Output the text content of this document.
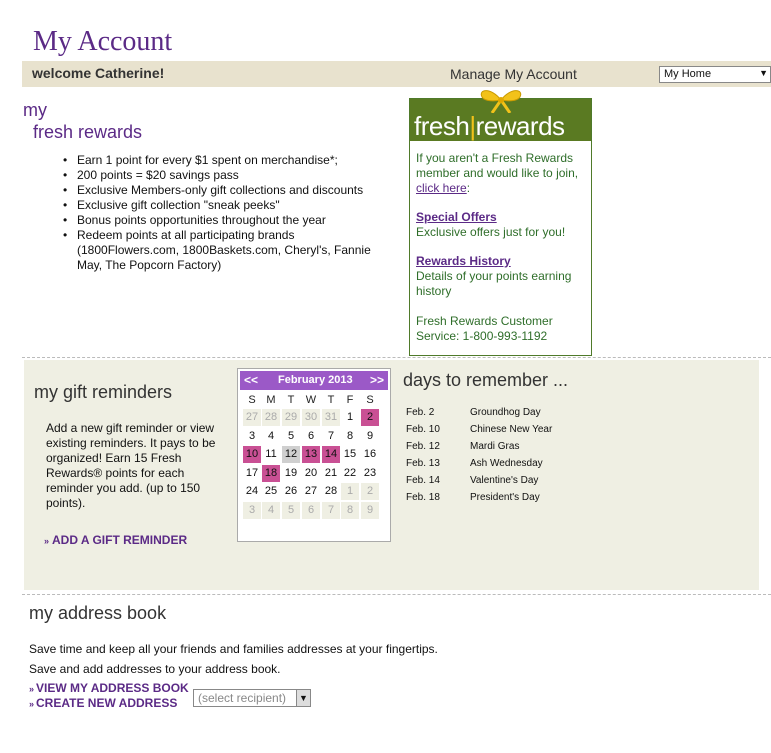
My Account
welcome Catherine!	Manage My Account	My Home	▼
my
fresh rewards
• Earn 1 point for every $1 spent on merchandise*;
• 200 points = $20 savings pass
• Exclusive Members-only gift collections and discounts
• Exclusive gift collection "sneak peeks"
• Bonus points opportunities throughout the year
• Redeem points at all participating brands (1800Flowers.com, 1800Baskets.com, Cheryl's, Fannie May, The Popcorn Factory)
fresh|rewards
If you aren't a Fresh Rewards member and would like to join, click here:
Special Offers
Exclusive offers just for you!
Rewards History
Details of your points earning history
Fresh Rewards Customer Service: 1-800-993-1192
my gift reminders
Add a new gift reminder or view existing reminders. It pays to be organized! Earn 15 Fresh Rewards® points for each reminder you add. (up to 150 points).
» ADD A GIFT REMINDER
<< February 2013 >>
S M	T	W	T	F	S
27 28 29 30 31 1	2
3	4	5	6	7	8	9
10 11 12 13 14 15 16
17 18 19 20 21 22 23
24 25 26 27 28 1	2
3	4	5	6	7	8	9
days to remember ...
Feb. 2	Groundhog Day
Feb. 10	Chinese New Year
Feb. 12	Mardi Gras
Feb. 13	Ash Wednesday
Feb. 14	Valentine's Day
Feb. 18	President's Day
my address book
Save time and keep all your friends and families addresses at your fingertips.
Save and add addresses to your address book.
» VIEW MY ADDRESS BOOK
» CREATE NEW ADDRESS	(select recipient)	▼
